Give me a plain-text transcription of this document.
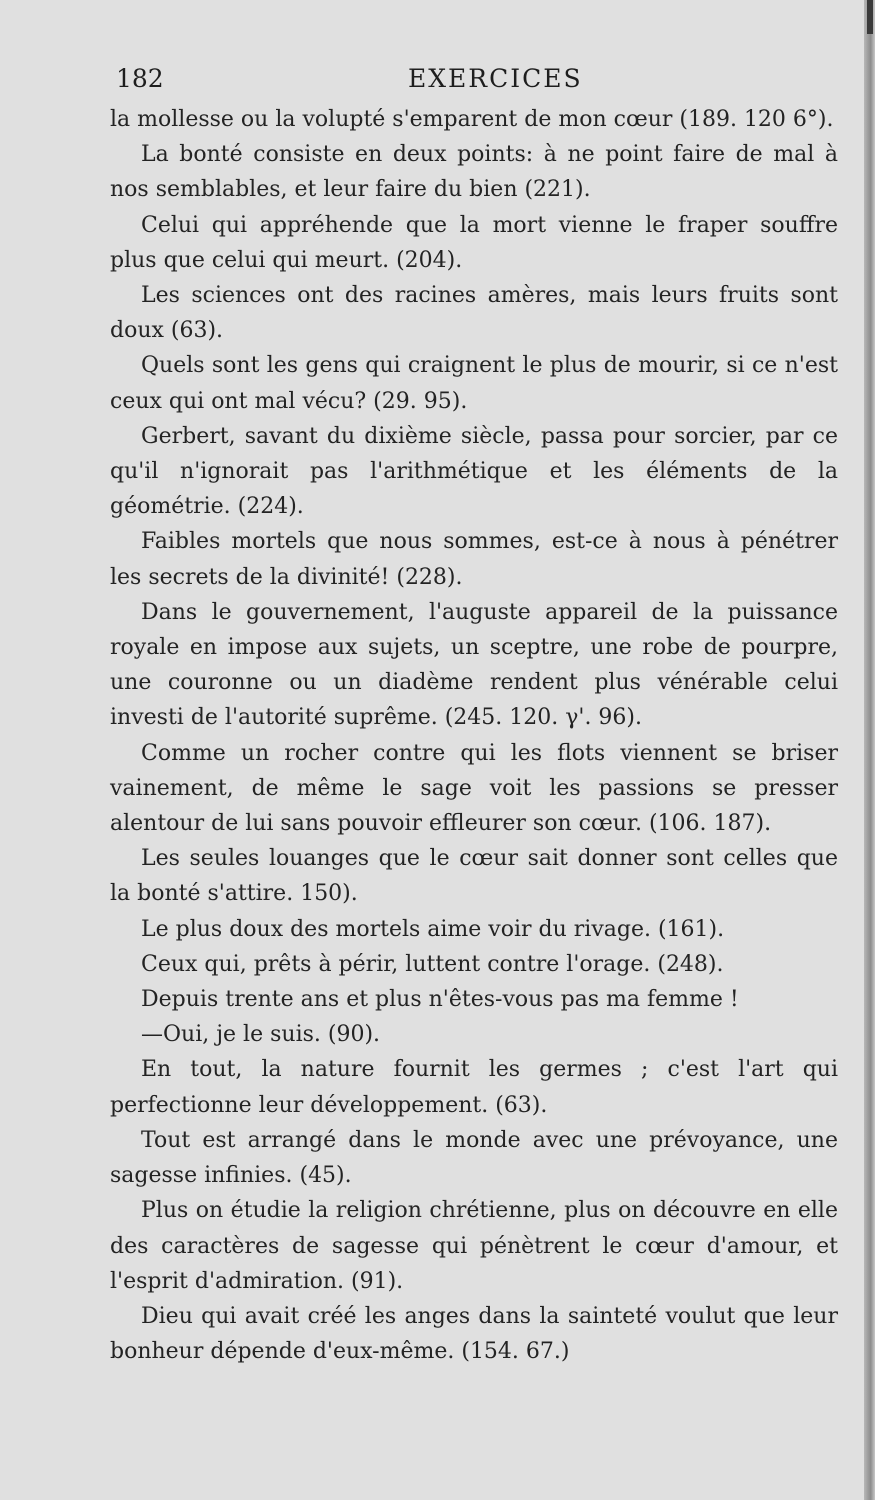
182	EXERCICES

la mollesse ou la volupté s'emparent de mon cœur (189. 120 6°).

La bonté consiste en deux points: à ne point faire de mal à nos semblables, et leur faire du bien (221).

Celui qui appréhende que la mort vienne le fraper souffre plus que celui qui meurt. (204).

Les sciences ont des racines amères, mais leurs fruits sont doux (63).

Quels sont les gens qui craignent le plus de mourir, si ce n'est ceux qui ont mal vécu? (29. 95).

Gerbert, savant du dixième siècle, passa pour sorcier, par ce qu'il n'ignorait pas l'arithmétique et les éléments de la géométrie. (224).

Faibles mortels que nous sommes, est-ce à nous à pénétrer les secrets de la divinité! (228).

Dans le gouvernement, l'auguste appareil de la puissance royale en impose aux sujets, un sceptre, une robe de pourpre, une couronne ou un diadème rendent plus vénérable celui investi de l'autorité suprême. (245. 120. γ'. 96).

Comme un rocher contre qui les flots viennent se briser vainement, de même le sage voit les passions se presser alentour de lui sans pouvoir effleurer son cœur. (106. 187).

Les seules louanges que le cœur sait donner sont celles que la bonté s'attire. 150).

Le plus doux des mortels aime voir du rivage. (161).

Ceux qui, prêts à périr, luttent contre l'orage. (248).

Depuis trente ans et plus n'êtes-vous pas ma femme !

—Oui, je le suis. (90).

En tout, la nature fournit les germes ; c'est l'art qui perfectionne leur développement. (63).

Tout est arrangé dans le monde avec une prévoyance, une sagesse infinies. (45).

Plus on étudie la religion chrétienne, plus on découvre en elle des caractères de sagesse qui pénètrent le cœur d'amour, et l'esprit d'admiration. (91).

Dieu qui avait créé les anges dans la sainteté voulut que leur bonheur dépende d'eux-même. (154. 67.)
